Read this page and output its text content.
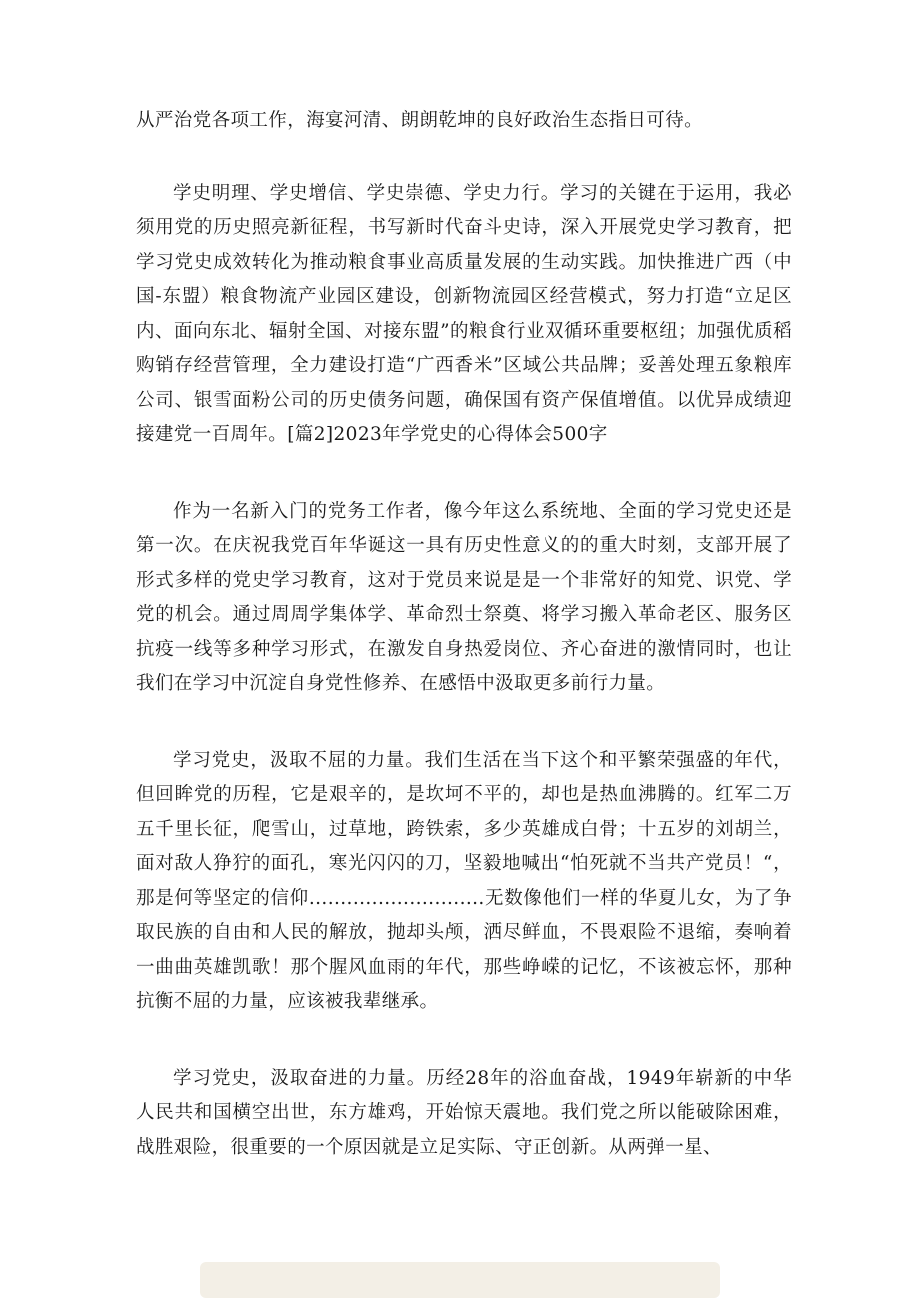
从严治党各项工作，海宴河清、朗朗乾坤的良好政治生态指日可待。

学史明理、学史增信、学史崇德、学史力行。学习的关键在于运用，我必须用党的历史照亮新征程，书写新时代奋斗史诗，深入开展党史学习教育，把学习党史成效转化为推动粮食事业高质量发展的生动实践。加快推进广西（中国-东盟）粮食物流产业园区建设，创新物流园区经营模式，努力打造“立足区内、面向东北、辐射全国、对接东盟”的粮食行业双循环重要枢纽；加强优质稻购销存经营管理，全力建设打造“广西香米”区域公共品牌；妥善处理五象粮库公司、银雪面粉公司的历史债务问题，确保国有资产保值增值。以优异成绩迎接建党一百周年。[篇2]2023年学党史的心得体会500字

作为一名新入门的党务工作者，像今年这么系统地、全面的学习党史还是第一次。在庆祝我党百年华诞这一具有历史性意义的的重大时刻，支部开展了形式多样的党史学习教育，这对于党员来说是是一个非常好的知党、识党、学党的机会。通过周周学集体学、革命烈士祭奠、将学习搬入革命老区、服务区抗疫一线等多种学习形式，在激发自身热爱岗位、齐心奋进的激情同时，也让我们在学习中沉淀自身党性修养、在感悟中汲取更多前行力量。

学习党史，汲取不屈的力量。我们生活在当下这个和平繁荣强盛的年代，但回眸党的历程，它是艰辛的，是坎坷不平的，却也是热血沸腾的。红军二万五千里长征，爬雪山，过草地，跨铁索，多少英雄成白骨；十五岁的刘胡兰，面对敌人狰狞的面孔，寒光闪闪的刀，坚毅地喊出“怕死就不当共产党员！“，那是何等坚定的信仰............................无数像他们一样的华夏儿女，为了争取民族的自由和人民的解放，抛却头颅，洒尽鲜血，不畏艰险不退缩，奏响着一曲曲英雄凯歌！那个腥风血雨的年代，那些峥嵘的记忆，不该被忘怀，那种抗衡不屈的力量，应该被我辈继承。

学习党史，汲取奋进的力量。历经28年的浴血奋战，1949年崭新的中华人民共和国横空出世，东方雄鸡，开始惊天震地。我们党之所以能破除困难，战胜艰险，很重要的一个原因就是立足实际、守正创新。从两弹一星、
